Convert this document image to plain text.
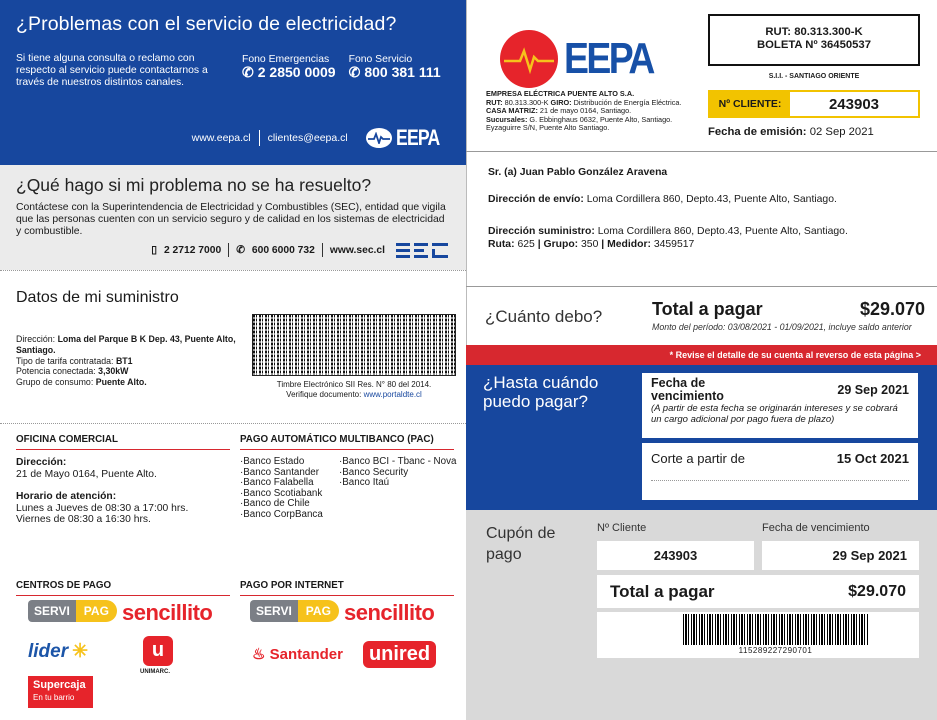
¿Problemas con el servicio de electricidad?
Si tiene alguna consulta o reclamo con respecto al servicio puede contactarnos a través de nuestros distintos canales.
Fono Emergencias
✆ 2 2850 0009
Fono Servicio
✆ 800 381 111
www.eepa.cl clientes@eepa.cl EEPA
¿Qué hago si mi problema no se ha resuelto?

Contáctese con la Superintendencia de Electricidad y Combustibles (SEC), entidad que vigila que las personas cuenten con un servicio seguro y de calidad en los sistemas de electricidad y combustible.

▯ 2 2712 7000 ✆ 600 6000 732 www.sec.cl
Datos de mi suministro
Dirección: Loma del Parque B K Dep. 43, Puente Alto, Santiago.
Tipo de tarifa contratada: BT1
Potencia conectada: 3,30kW
Grupo de consumo: Puente Alto.	Timbre Electrónico SII Res. N° 80 del 2014.
Verifique documento: www.portaldte.cl
OFICINA COMERCIAL
Dirección:
21 de Mayo 0164, Puente Alto.
Horario de atención:
Lunes a Jueves de 08:30 a 17:00 hrs.
Viernes de 08:30 a 16:30 hrs.
PAGO AUTOMÁTICO MULTIBANCO (PAC)
·Banco Estado
·Banco Santander
·Banco Falabella
·Banco Scotiabank
·Banco de Chile
·Banco CorpBanca
·Banco BCI - Tbanc - Nova
·Banco Security
·Banco Itaú
CENTROS DE PAGO
SERVI	PAG sencillito
lider ✳	u
UNIMARC.
Supercaja
En tu barrio
PAGO POR INTERNET
SERVI	PAG sencillito
♨ Santander unired
EEPA
EMPRESA ELÉCTRICA PUENTE ALTO S.A.
RUT: 80.313.300-K GIRO: Distribución de Energía Eléctrica.
CASA MATRIZ: 21 de mayo 0164, Santiago.
Sucursales: G. Ebbinghaus 0632, Puente Alto, Santiago.
Eyzaguirre S/N, Puente Alto Santiago.
RUT: 80.313.300-K
BOLETA Nº 36450537
S.I.I. - SANTIAGO ORIENTE
Nº CLIENTE:	243903
Fecha de emisión: 02 Sep 2021
Sr. (a) Juan Pablo González Aravena
Dirección de envío: Loma Cordillera 860, Depto.43, Puente Alto, Santiago.
Dirección suministro: Loma Cordillera 860, Depto.43, Puente Alto, Santiago.
Ruta: 625 | Grupo: 350 | Medidor: 3459517
¿Cuánto debo?	Total a pagar	$29.070
Monto del período: 03/08/2021 - 01/09/2021, incluye saldo anterior
* Revise el detalle de su cuenta al reverso de esta página >
¿Hasta cuándo puedo pagar?
Fecha de vencimiento	29 Sep 2021
(A partir de esta fecha se originarán intereses y se cobrará un cargo adicional por pago fuera de plazo)
Corte a partir de	15 Oct 2021
Cupón de pago
Nº Cliente	Fecha de vencimiento
243903	29 Sep 2021
Total a pagar	$29.070
115289227290701
